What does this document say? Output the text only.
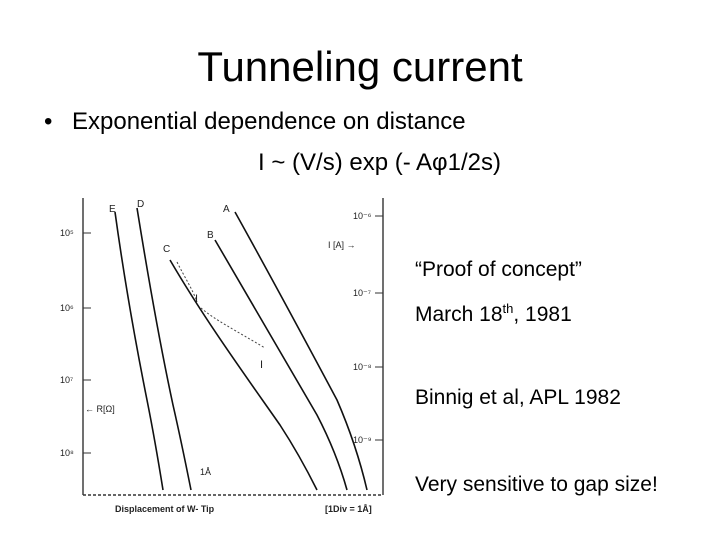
Tunneling current
• Exponential dependence on distance
I ~ (V/s) exp (- Aφ1/2s)
E D	A
B
C
I
I
10⁵
10⁶
10⁷
10⁸
10⁻⁶
10⁻⁷
10⁻⁸
10⁻⁹
I [A] →
← R[Ω]
1Å
Displacement of W- Tip	[1Div = 1Å]
“Proof of concept”
March 18th, 1981
Binnig et al, APL 1982
Very sensitive to gap size!
